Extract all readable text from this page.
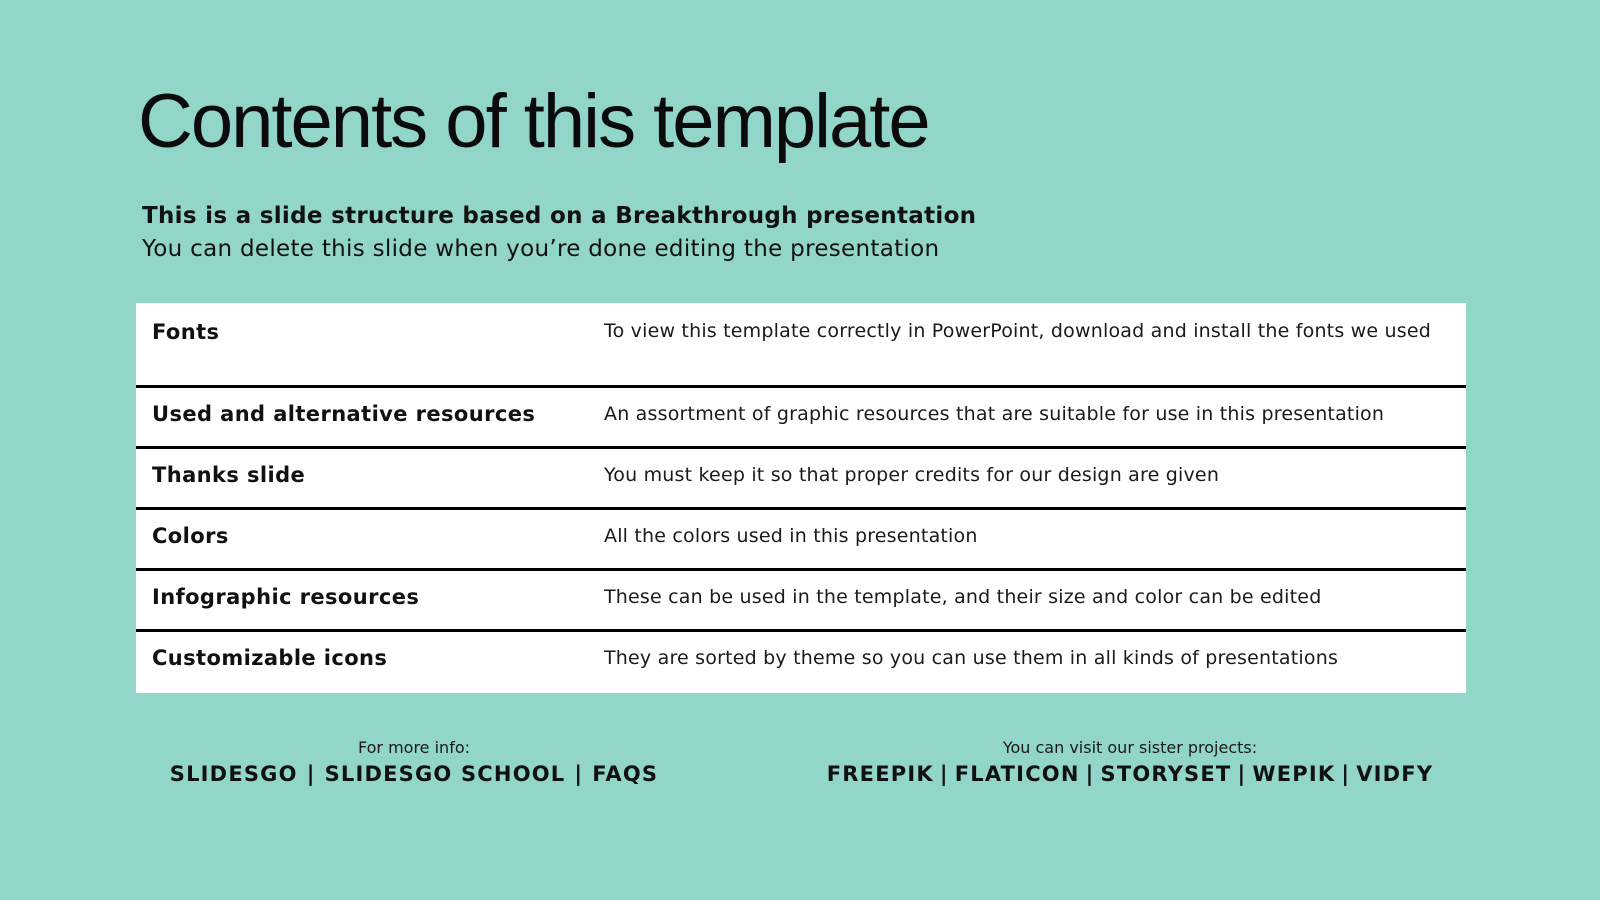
Contents of this template
This is a slide structure based on a Breakthrough presentation
You can delete this slide when you’re done editing the presentation
Fonts	To view this template correctly in PowerPoint, download and install the fonts we used
Used and alternative resources	An assortment of graphic resources that are suitable for use in this presentation
Thanks slide	You must keep it so that proper credits for our design are given
Colors	All the colors used in this presentation
Infographic resources	These can be used in the template, and their size and color can be edited
Customizable icons	They are sorted by theme so you can use them in all kinds of presentations
For more info:
SLIDESGO | SLIDESGO SCHOOL | FAQS
You can visit our sister projects:
FREEPIK | FLATICON | STORYSET | WEPIK | VIDFY
